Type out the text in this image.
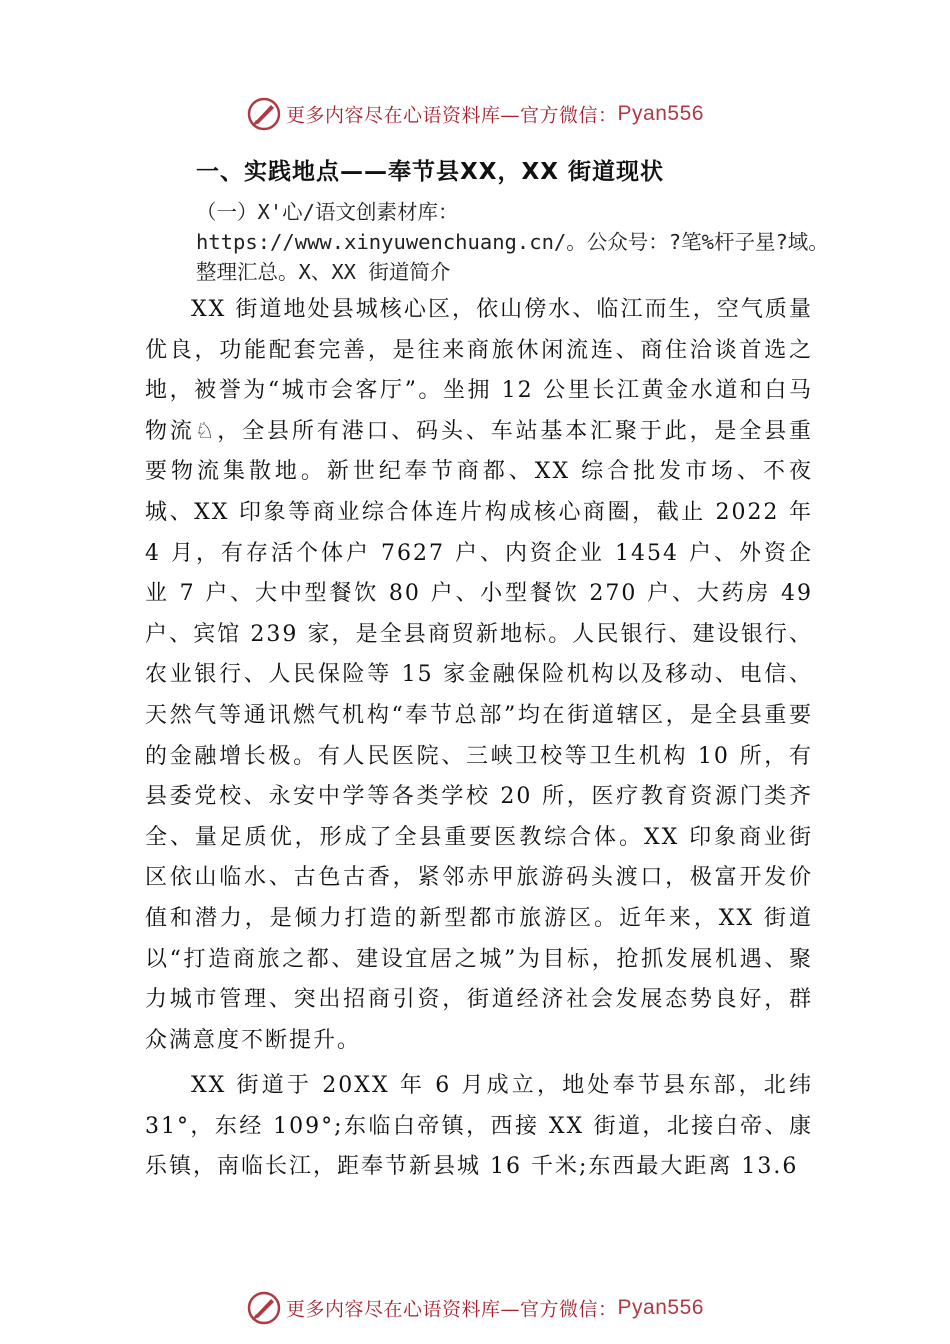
更多内容尽在心语资料库—官方微信：Pyan556
一、实践地点——奉节县XX，XX 街道现状
（一）X'心/语文创素材库：https://www.xinyuwenchuang.cn/。公众号：?笔%杆子星?域。整理汇总。X、XX 街道简介

XX 街道地处县城核心区，依山傍水、临江而生，空气质量优良，功能配套完善，是往来商旅休闲流连、商住洽谈首选之地，被誉为“城市会客厅”。坐拥 12 公里长江黄金水道和白马物流♘，全县所有港口、码头、车站基本汇聚于此，是全县重要物流集散地。新世纪奉节商都、XX 综合批发市场、不夜城、XX 印象等商业综合体连片构成核心商圈，截止 2022 年 4 月，有存活个体户 7627 户、内资企业 1454 户、外资企业 7 户、大中型餐饮 80 户、小型餐饮 270 户、大药房 49 户、宾馆 239 家，是全县商贸新地标。人民银行、建设银行、农业银行、人民保险等 15 家金融保险机构以及移动、电信、天然气等通讯燃气机构“奉节总部”均在街道辖区，是全县重要的金融增长极。有人民医院、三峡卫校等卫生机构 10 所，有县委党校、永安中学等各类学校 20 所，医疗教育资源门类齐全、量足质优，形成了全县重要医教综合体。XX 印象商业街区依山临水、古色古香，紧邻赤甲旅游码头渡口，极富开发价值和潜力，是倾力打造的新型都市旅游区。近年来，XX 街道以“打造商旅之都、建设宜居之城”为目标，抢抓发展机遇、聚力城市管理、突出招商引资，街道经济社会发展态势良好，群众满意度不断提升。

XX 街道于 20XX 年 6 月成立，地处奉节县东部，北纬 31°，东经 109°;东临白帝镇，西接 XX 街道，北接白帝、康乐镇，南临长江，距奉节新县城 16 千米;东西最大距离 13.6

更多内容尽在心语资料库—官方微信：Pyan556
